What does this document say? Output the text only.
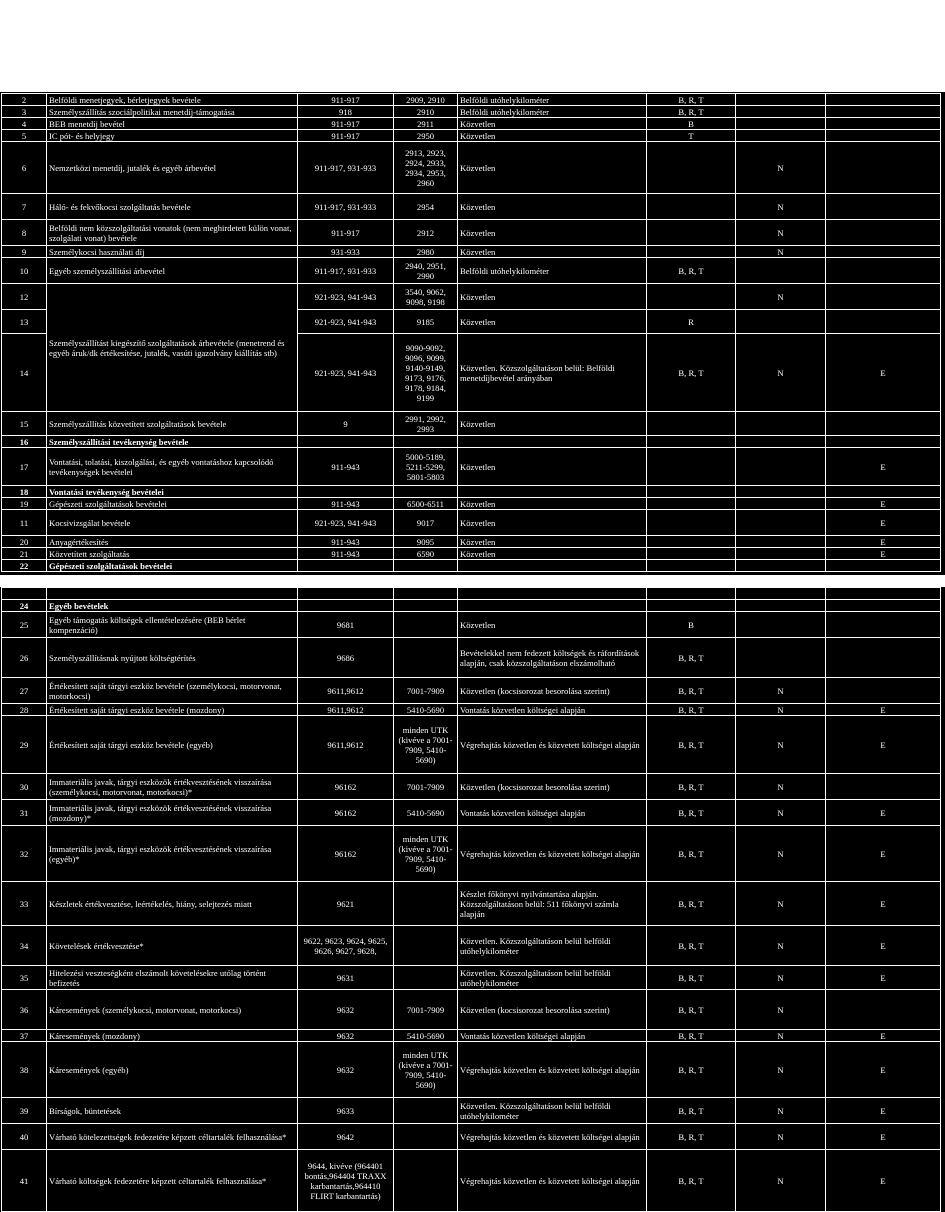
2	Belföldi menetjegyek, bérletjegyek bevétele	911-917	2909, 2910	Belföldi utóhelykilométer	B, R, T		
3	Személyszállítás szociálpolitikai menetdíj-támogatása	918	2910	Belföldi utóhelykilométer	B, R, T		
4	BEB menetdíj bevétel	911-917	2911	Közvetlen	B		
5	IC pót- és helyjegy	911-917	2950	Közvetlen	T		
6	Nemzetközi menetdíj, jutalék és egyéb árbevétel	911-917, 931-933	2913, 2923, 2924, 2933, 2934, 2953, 2960	Közvetlen		N	
7	Háló- és fekvőkocsi szolgáltatás bevétele	911-917, 931-933	2954	Közvetlen		N	
8	Belföldi nem közszolgáltatási vonatok (nem meghirdetett külön vonat, szolgálati vonat) bevétele	911-917	2912	Közvetlen		N	
9	Személykocsi használati díj	931-933	2980	Közvetlen		N	
10	Egyéb személyszállítási árbevétel	911-917, 931-933	2940, 2951, 2990	Belföldi utóhelykilométer	B, R, T		
12	Személyszállítást kiegészítő szolgáltatások árbevétele (menetrend és egyéb áruk/dk értékesítése, jutalék, vasúti igazolvány kiállítás stb)	921-923, 941-943	3540, 9062, 9098, 9198	Közvetlen		N	
13		921-923, 941-943	9185	Közvetlen	R		
14		921-923, 941-943	9090-9092, 9096, 9099, 9140-9149, 9173, 9176, 9178, 9184, 9199	Közvetlen. Közszolgáltatáson belül: Belföldi menetdíjbevétel arányában	B, R, T	N	E
15	Személyszállítás közvetített szolgáltatások bevétele	9	2991, 2992, 2993	Közvetlen			
16	Személyszállítási tevékenység bevétele						
17	Vontatási, tolatási, kiszolgálási, és egyéb vontatáshoz kapcsolódó tevékenységek bevételei	911-943	5000-5189, 5211-5299, 5801-5803	Közvetlen			E
18	Vontatási tevékenység bevételei						
19	Gépészeti szolgáltatások bevételei	911-943	6500-6511	Közvetlen			E
11	Kocsivizsgálat bevétele	921-923, 941-943	9017	Közvetlen			E
20	Anyagértékesítés	911-943	9095	Közvetlen			E
21	Közvetített szolgáltatás	911-943	6590	Közvetlen			E
22	Gépészeti szolgáltatások bevételei						

24	Egyéb bevételek						
25	Egyéb támogatás költségek ellentételezésére (BEB bérlet kompenzáció)	9681		Közvetlen	B		
26	Személyszállításnak nyújtott költségtérítés	9686		Bevételekkel nem fedezett költségek és ráfordítások alapján, csak közszolgáltatáson elszámolható	B, R, T		
27	Értékesített saját tárgyi eszköz bevétele (személykocsi, motorvonat, motorkocsi)	9611,9612	7001-7909	Közvetlen (kocsisorozat besorolása szerint)	B, R, T	N	
28	Értékesített saját tárgyi eszköz bevétele (mozdony)	9611,9612	5410-5690	Vontatás közvetlen költségei alapján	B, R, T	N	E
29	Értékesített saját tárgyi eszköz bevétele (egyéb)	9611,9612	minden UTK (kivéve a 7001-7909, 5410-5690)	Végrehajtás közvetlen és közvetett költségei alapján	B, R, T	N	E
30	Immateriális javak, tárgyi eszközök értékvesztésének visszaírása (személykocsi, motorvonat, motorkocsi)*	96162	7001-7909	Közvetlen (kocsisorozat besorolása szerint)	B, R, T	N	
31	Immateriális javak, tárgyi eszközök értékvesztésének visszaírása (mozdony)*	96162	5410-5690	Vontatás közvetlen költségei alapján	B, R, T	N	E
32	Immateriális javak, tárgyi eszközök értékvesztésének visszaírása (egyéb)*	96162	minden UTK (kivéve a 7001-7909, 5410-5690)	Végrehajtás közvetlen és közvetett költségei alapján	B, R, T	N	E
33	Készletek értékvesztése, leértékelés, hiány, selejtezés miatt	9621		Készlet főkönyvi nyilvántartása alapján. Közszolgáltatáson belül: 511 főkönyvi számla alapján	B, R, T	N	E
34	Követelések értékvesztése*	9622, 9623, 9624, 9625, 9626, 9627, 9628,		Közvetlen. Közszolgáltatáson belül belföldi utóhelykilométer	B, R, T	N	E
35	Hitelezési veszteségként elszámolt követelésekre utólag történt befizetés	9631		Közvetlen. Közszolgáltatáson belül belföldi utóhelykilométer	B, R, T	N	E
36	Káresemények (személykocsi, motorvonat, motorkocsi)	9632	7001-7909	Közvetlen (kocsisorozat besorolása szerint)	B, R, T	N	
37	Káresemények (mozdony)	9632	5410-5690	Vontatás közvetlen költségei alapján	B, R, T	N	E
38	Káresemények (egyéb)	9632	minden UTK (kivéve a 7001-7909, 5410-5690)	Végrehajtás közvetlen és közvetett költségei alapján	B, R, T	N	E
39	Bírságok, büntetések	9633		Közvetlen. Közszolgáltatáson belül belföldi utóhelykilométer	B, R, T	N	E
40	Várható kötelezettségek fedezetére képzett céltartalék felhasználása*	9642		Végrehajtás közvetlen és közvetett költségei alapján	B, R, T	N	E
41	Várható költségek fedezetére képzett céltartalék felhasználása*	9644, kivéve (964401 bontás,964404 TRAXX karbantartás,964410 FLIRT karbantartás)		Végrehajtás közvetlen és közvetett költségei alapján	B, R, T	N	E
